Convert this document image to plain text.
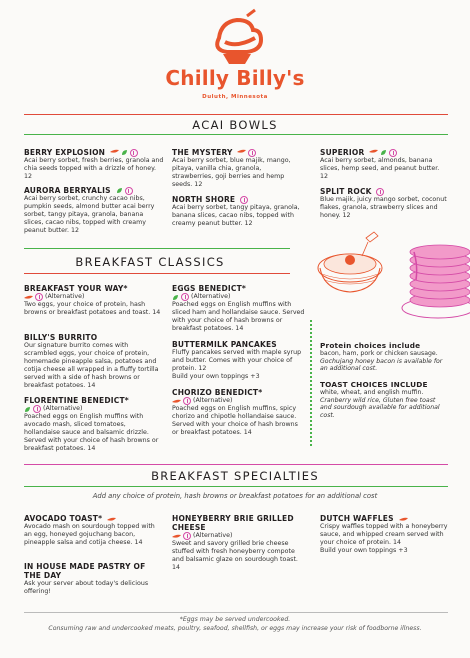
Chilly Billy's
Duluth, Minnesota
ACAI BOWLS
BERRY EXPLOSION
Acai berry sorbet, fresh berries, granola and chia seeds topped with a drizzle of honey. 12
AURORA BERRYALIS
Acai berry sorbet, crunchy cacao nibs, pumpkin seeds, almond butter acai berry sorbet, tangy pitaya, granola, banana slices, cacao nibs, topped with creamy peanut butter. 12
THE MYSTERY
Acai berry sorbet, blue majik, mango, pitaya, vanilla chia, granola, strawberries, goji berries and hemp seeds. 12
NORTH SHORE
Acai berry sorbet, tangy pitaya, granola, banana slices, cacao nibs, topped with creamy peanut butter. 12
SUPERIOR
Acai berry sorbet, almonds, banana slices, hemp seed, and peanut butter. 12
SPLIT ROCK
Blue majik, juicy mango sorbet, coconut flakes, granola, strawberry slices and honey. 12
BREAKFAST CLASSICS
BREAKFAST YOUR WAY*
(Alternative)
Two eggs, your choice of protein, hash browns or breakfast potatoes and toast. 14
BILLY'S BURRITO
Our signature burrito comes with scrambled eggs, your choice of protein, homemade pineapple salsa, potatoes and cotija cheese all wrapped in a fluffy tortilla served with a side of hash browns or breakfast potatoes. 14
FLORENTINE BENEDICT*
(Alternative)
Poached eggs on English muffins with avocado mash, sliced tomatoes, hollandaise sauce and balsamic drizzle. Served with your choice of hash browns or breakfast potatoes. 14
EGGS BENEDICT*
(Alternative)
Poached eggs on English muffins with sliced ham and hollandaise sauce. Served with your choice of hash browns or breakfast potatoes. 14
BUTTERMILK PANCAKES
Fluffy pancakes served with maple syrup and butter. Comes with your choice of protein. 12
Build your own toppings +3
CHORIZO BENEDICT*
(Alternative)
Poached eggs on English muffins, spicy chorizo and chipotle hollandaise sauce. Served with your choice of hash browns or breakfast potatoes. 14
Protein choices include
bacon, ham, pork or chicken sausage.
Gochujang honey bacon is available for an additional cost.
TOAST CHOICES INCLUDE
white, wheat, and english muffin.
Cranberry wild rice, Gluten free toast and sourdough available for additional cost.
BREAKFAST SPECIALTIES
Add any choice of protein, hash browns or breakfast potatoes for an additional cost
AVOCADO TOAST*
Avocado mash on sourdough topped with an egg, honeyed gojuchang bacon, pineapple salsa and cotija cheese. 14
IN HOUSE MADE PASTRY OF THE DAY
Ask your server about today's delicious offering!
HONEYBERRY BRIE GRILLED CHEESE
(Alternative)
Sweet and savory grilled brie cheese stuffed with fresh honeyberry compote and balsamic glaze on sourdough toast. 14
DUTCH WAFFLES
Crispy waffles topped with a honeyberry sauce, and whipped cream served with your choice of protein. 14
Build your own toppings +3
*Eggs may be served undercooked.
Consuming raw and undercooked meats, poultry, seafood, shellfish, or eggs may increase your risk of foodborne illness.
